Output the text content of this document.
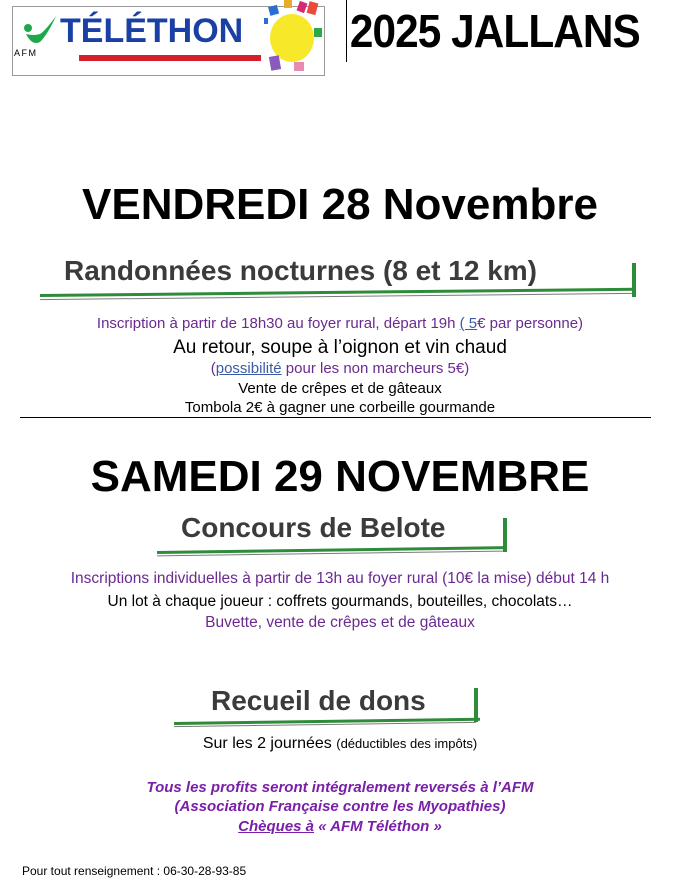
AFM
TÉLÉTHON 2025 JALLANS
VENDREDI 28 Novembre
Randonnées nocturnes (8 et 12 km)
Inscription à partir de 18h30 au foyer rural, départ 19h ( 5€ par personne)
Au retour, soupe à l’oignon et vin chaud
(possibilité pour les non marcheurs 5€)
Vente de crêpes et de gâteaux
Tombola 2€ à gagner une corbeille gourmande
SAMEDI 29 NOVEMBRE
Concours de Belote
Inscriptions individuelles à partir de 13h au foyer rural (10€ la mise) début 14 h
Un lot à chaque joueur : coffrets gourmands, bouteilles, chocolats…
Buvette, vente de crêpes et de gâteaux
Recueil de dons
Sur les 2 journées (déductibles des impôts)
Tous les profits seront intégralement reversés à l’AFM
(Association Française contre les Myopathies)
Chèques à « AFM Téléthon »
Pour tout renseignement : 06-30-28-93-85
